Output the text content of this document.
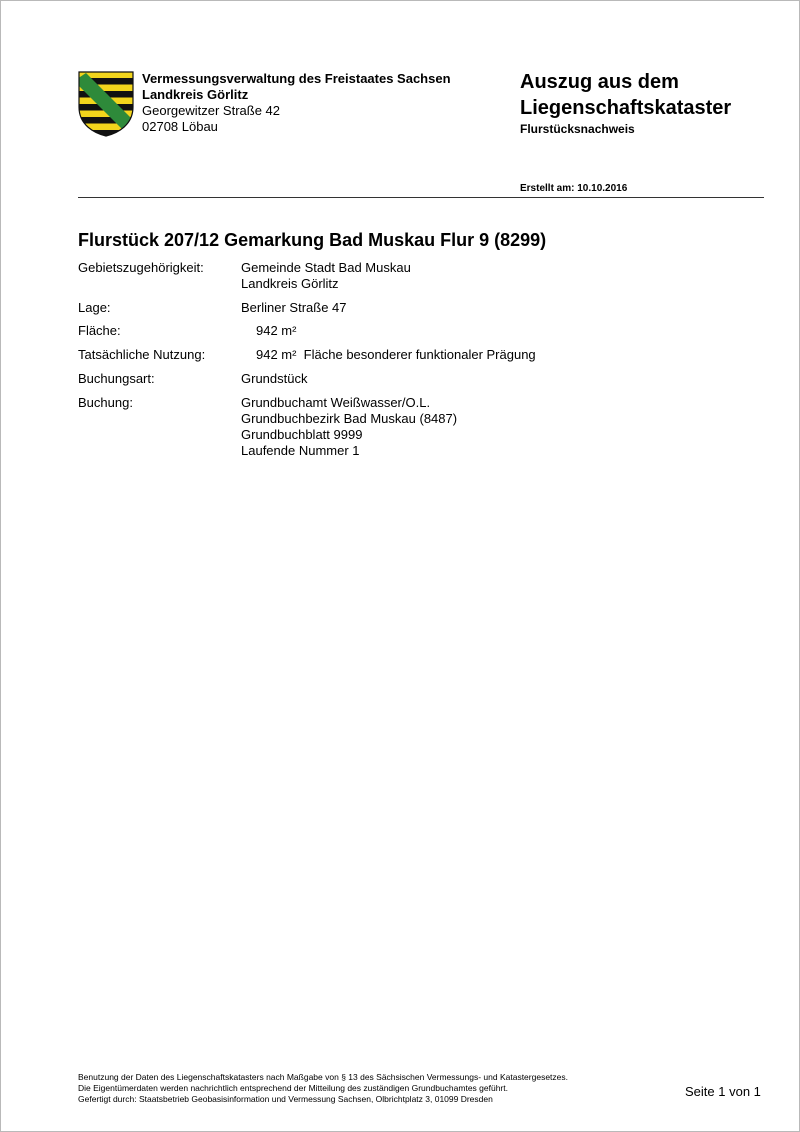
Vermessungsverwaltung des Freistaates Sachsen
Landkreis Görlitz
Georgewitzer Straße 42
02708 Löbau
Auszug aus dem
Liegenschaftskataster
Flurstücksnachweis
Erstellt am: 10.10.2016
Flurstück 207/12 Gemarkung Bad Muskau Flur 9 (8299)
Gebietszugehörigkeit:	Gemeinde Stadt Bad Muskau
Landkreis Görlitz
Lage:	Berliner Straße 47
Fläche:	942 m²
Tatsächliche Nutzung:	942 m²  Fläche besonderer funktionaler Prägung
Buchungsart:	Grundstück
Buchung:	Grundbuchamt Weißwasser/O.L.
Grundbuchbezirk Bad Muskau (8487)
Grundbuchblatt 9999
Laufende Nummer 1
Benutzung der Daten des Liegenschaftskatasters nach Maßgabe von § 13 des Sächsischen Vermessungs- und Katastergesetzes.
Die Eigentümerdaten werden nachrichtlich entsprechend der Mitteilung des zuständigen Grundbuchamtes geführt.
Gefertigt durch: Staatsbetrieb Geobasisinformation und Vermessung Sachsen, Olbrichtplatz 3, 01099 Dresden	Seite 1 von 1
